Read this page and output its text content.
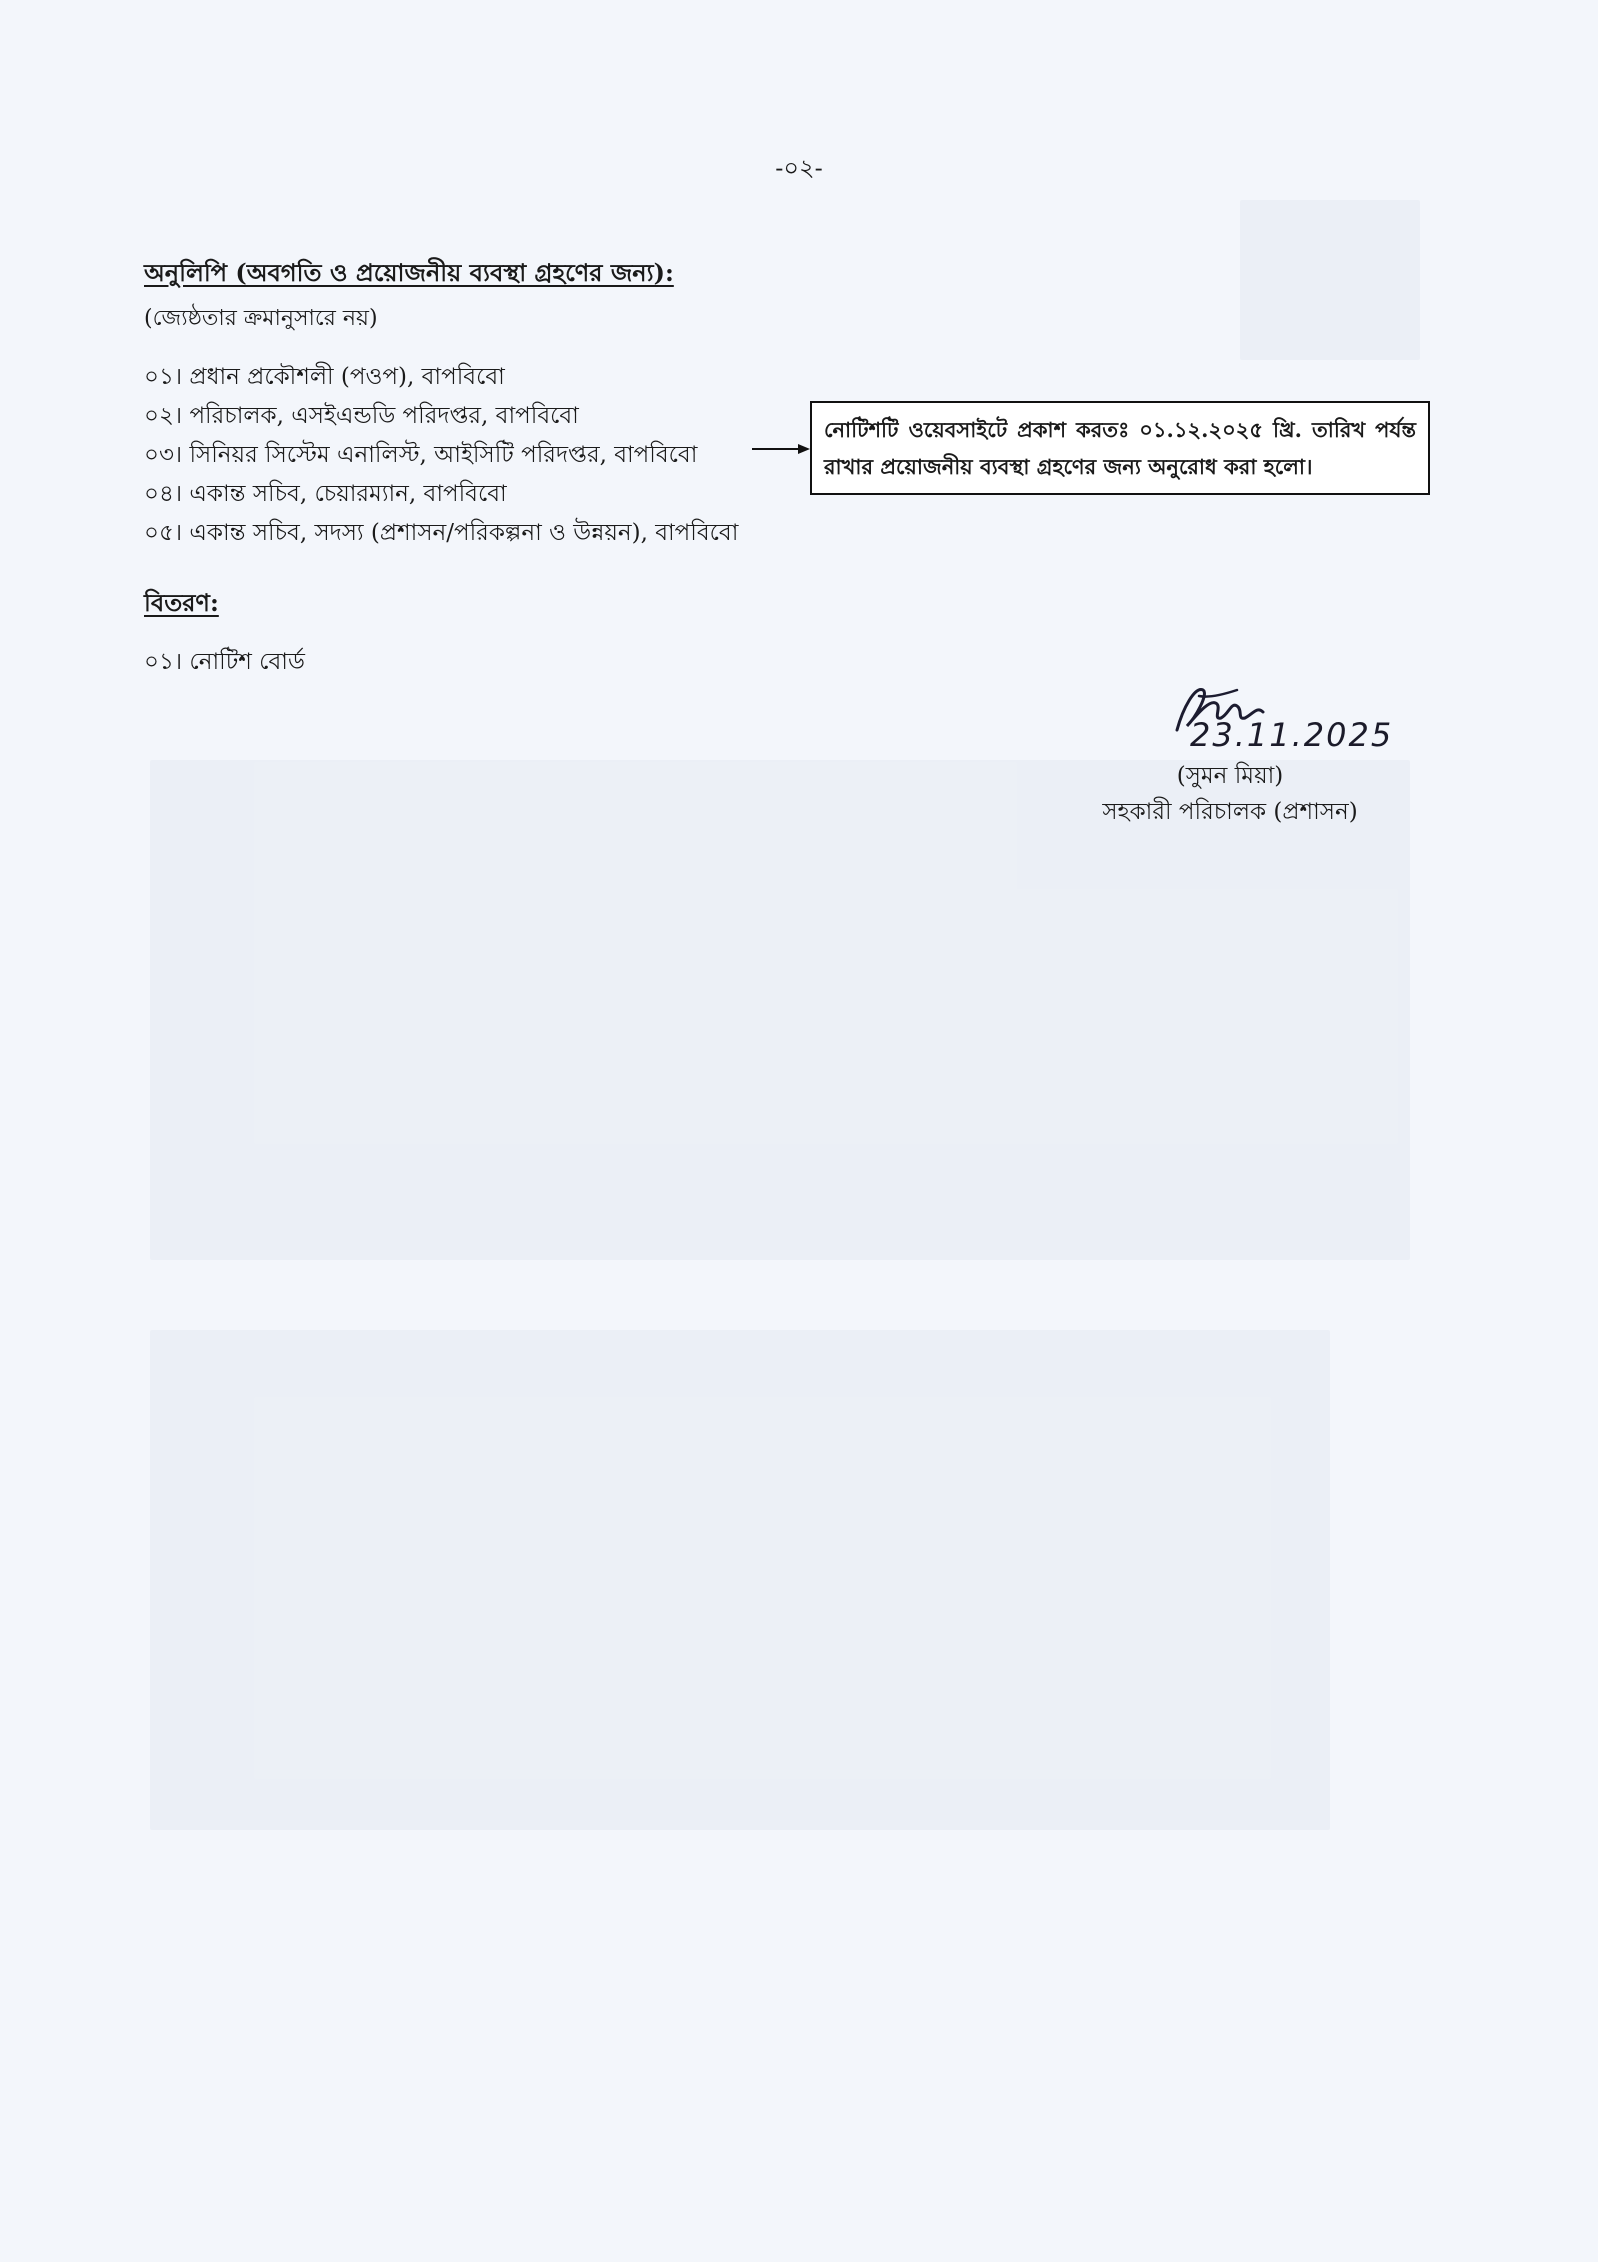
-০২-
অনুলিপি (অবগতি ও প্রয়োজনীয় ব্যবস্থা গ্রহণের জন্য):
(জ্যেষ্ঠতার ক্রমানুসারে নয়)
০১। প্রধান প্রকৌশলী (পওপ), বাপবিবো
০২। পরিচালক, এসইএন্ডডি পরিদপ্তর, বাপবিবো
০৩। সিনিয়র সিস্টেম এনালিস্ট, আইসিটি পরিদপ্তর, বাপবিবো
০৪। একান্ত সচিব, চেয়ারম্যান, বাপবিবো
০৫। একান্ত সচিব, সদস্য (প্রশাসন/পরিকল্পনা ও উন্নয়ন), বাপবিবো
নোটিশটি ওয়েবসাইটে প্রকাশ করতঃ ০১.১২.২০২৫ খ্রি. তারিখ পর্যন্ত রাখার প্রয়োজনীয় ব্যবস্থা গ্রহণের জন্য অনুরোধ করা হলো।
বিতরণ:
০১। নোটিশ বোর্ড
23.11.2025
(সুমন মিয়া)
সহকারী পরিচালক (প্রশাসন)
